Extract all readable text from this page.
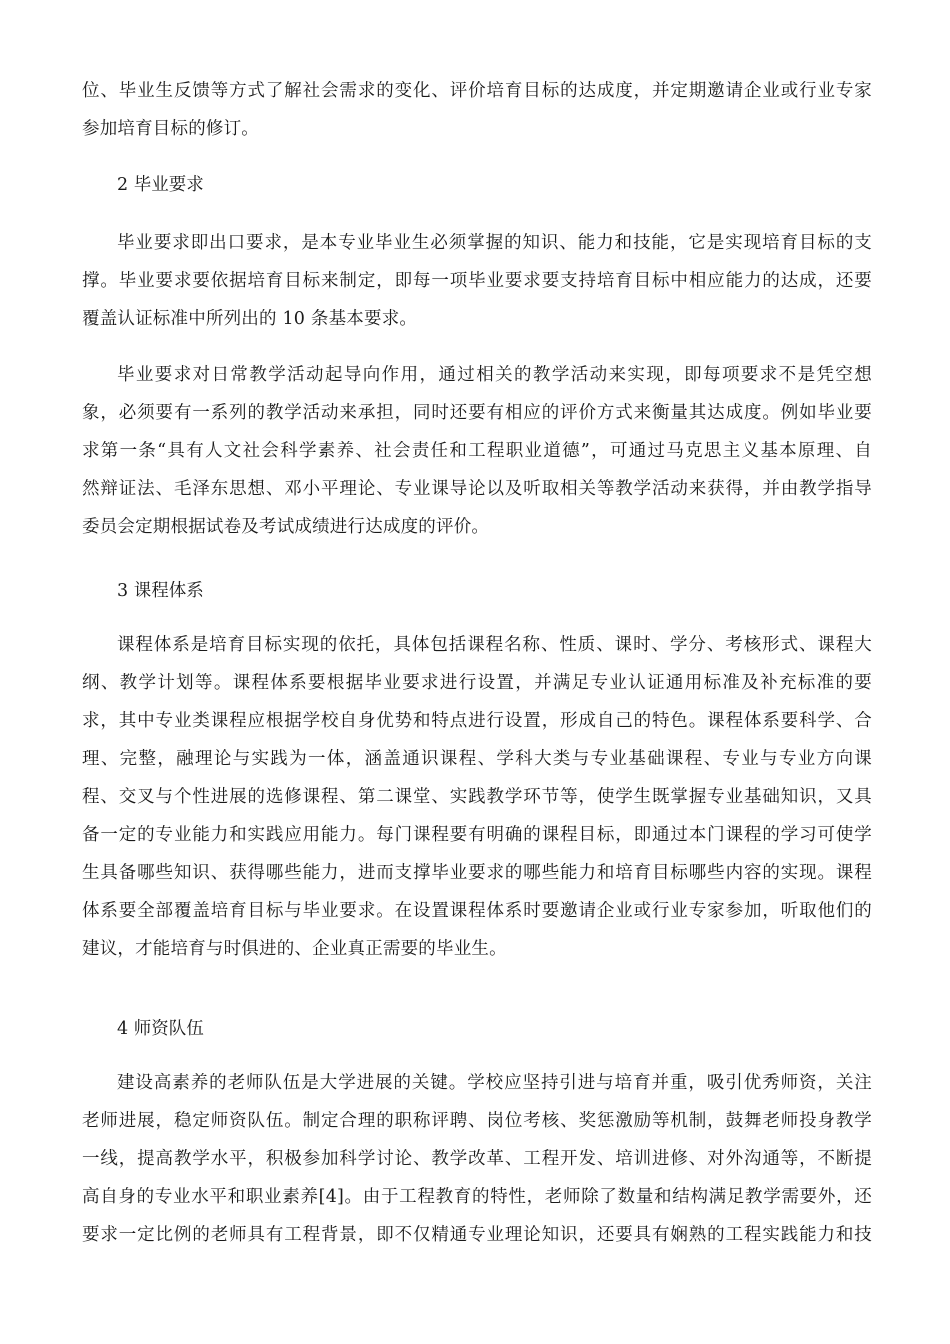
位、毕业生反馈等方式了解社会需求的变化、评价培育目标的达成度，并定期邀请企业或行业专家
参加培育目标的修订。

2 毕业要求

毕业要求即出口要求，是本专业毕业生必须掌握的知识、能力和技能，它是实现培育目标的支
撑。毕业要求要依据培育目标来制定，即每一项毕业要求要支持培育目标中相应能力的达成，还要
覆盖认证标准中所列出的 10 条基本要求。

毕业要求对日常教学活动起导向作用，通过相关的教学活动来实现，即每项要求不是凭空想
象，必须要有一系列的教学活动来承担，同时还要有相应的评价方式来衡量其达成度。例如毕业要
求第一条“具有人文社会科学素养、社会责任和工程职业道德”，可通过马克思主义基本原理、自
然辩证法、毛泽东思想、邓小平理论、专业课导论以及听取相关等教学活动来获得，并由教学指导
委员会定期根据试卷及考试成绩进行达成度的评价。

3 课程体系

课程体系是培育目标实现的依托，具体包括课程名称、性质、课时、学分、考核形式、课程大
纲、教学计划等。课程体系要根据毕业要求进行设置，并满足专业认证通用标准及补充标准的要
求，其中专业类课程应根据学校自身优势和特点进行设置，形成自己的特色。课程体系要科学、合
理、完整，融理论与实践为一体，涵盖通识课程、学科大类与专业基础课程、专业与专业方向课
程、交叉与个性进展的选修课程、第二课堂、实践教学环节等，使学生既掌握专业基础知识，又具
备一定的专业能力和实践应用能力。每门课程要有明确的课程目标，即通过本门课程的学习可使学
生具备哪些知识、获得哪些能力，进而支撑毕业要求的哪些能力和培育目标哪些内容的实现。课程
体系要全部覆盖培育目标与毕业要求。在设置课程体系时要邀请企业或行业专家参加，听取他们的
建议，才能培育与时俱进的、企业真正需要的毕业生。

4 师资队伍

建设高素养的老师队伍是大学进展的关键。学校应坚持引进与培育并重，吸引优秀师资，关注
老师进展，稳定师资队伍。制定合理的职称评聘、岗位考核、奖惩激励等机制，鼓舞老师投身教学
一线，提高教学水平，积极参加科学讨论、教学改革、工程开发、培训进修、对外沟通等，不断提
高自身的专业水平和职业素养[4]。由于工程教育的特性，老师除了数量和结构满足教学需要外，还
要求一定比例的老师具有工程背景，即不仅精通专业理论知识，还要具有娴熟的工程实践能力和技
